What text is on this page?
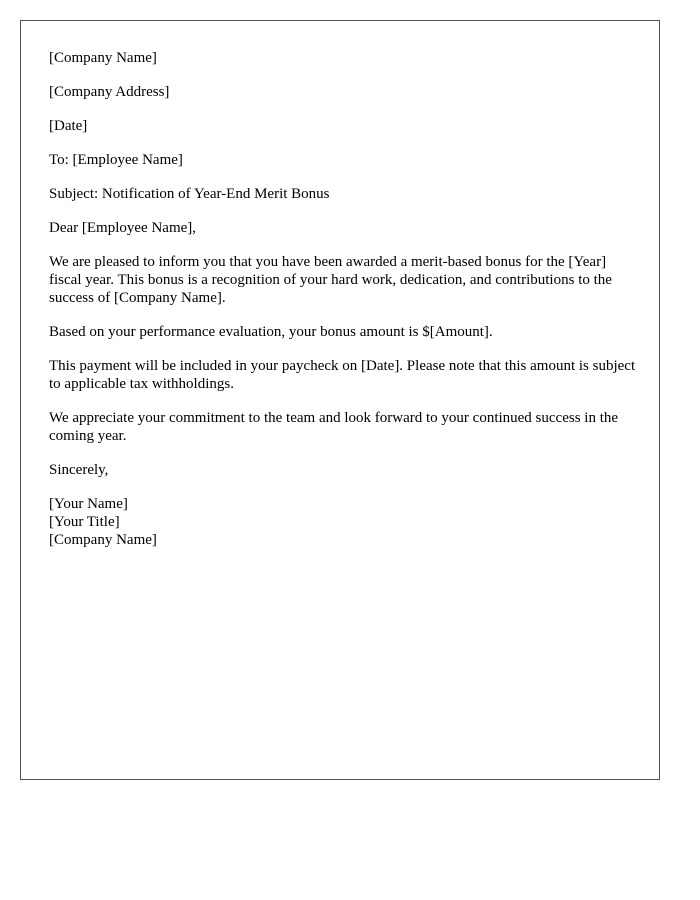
[Company Name]

[Company Address]

[Date]

To: [Employee Name]

Subject: Notification of Year-End Merit Bonus

Dear [Employee Name],

We are pleased to inform you that you have been awarded a merit-based bonus for the [Year] fiscal year. This bonus is a recognition of your hard work, dedication, and contributions to the success of [Company Name].

Based on your performance evaluation, your bonus amount is $[Amount].

This payment will be included in your paycheck on [Date]. Please note that this amount is subject to applicable tax withholdings.

We appreciate your commitment to the team and look forward to your continued success in the coming year.

Sincerely,

[Your Name]
[Your Title]
[Company Name]
